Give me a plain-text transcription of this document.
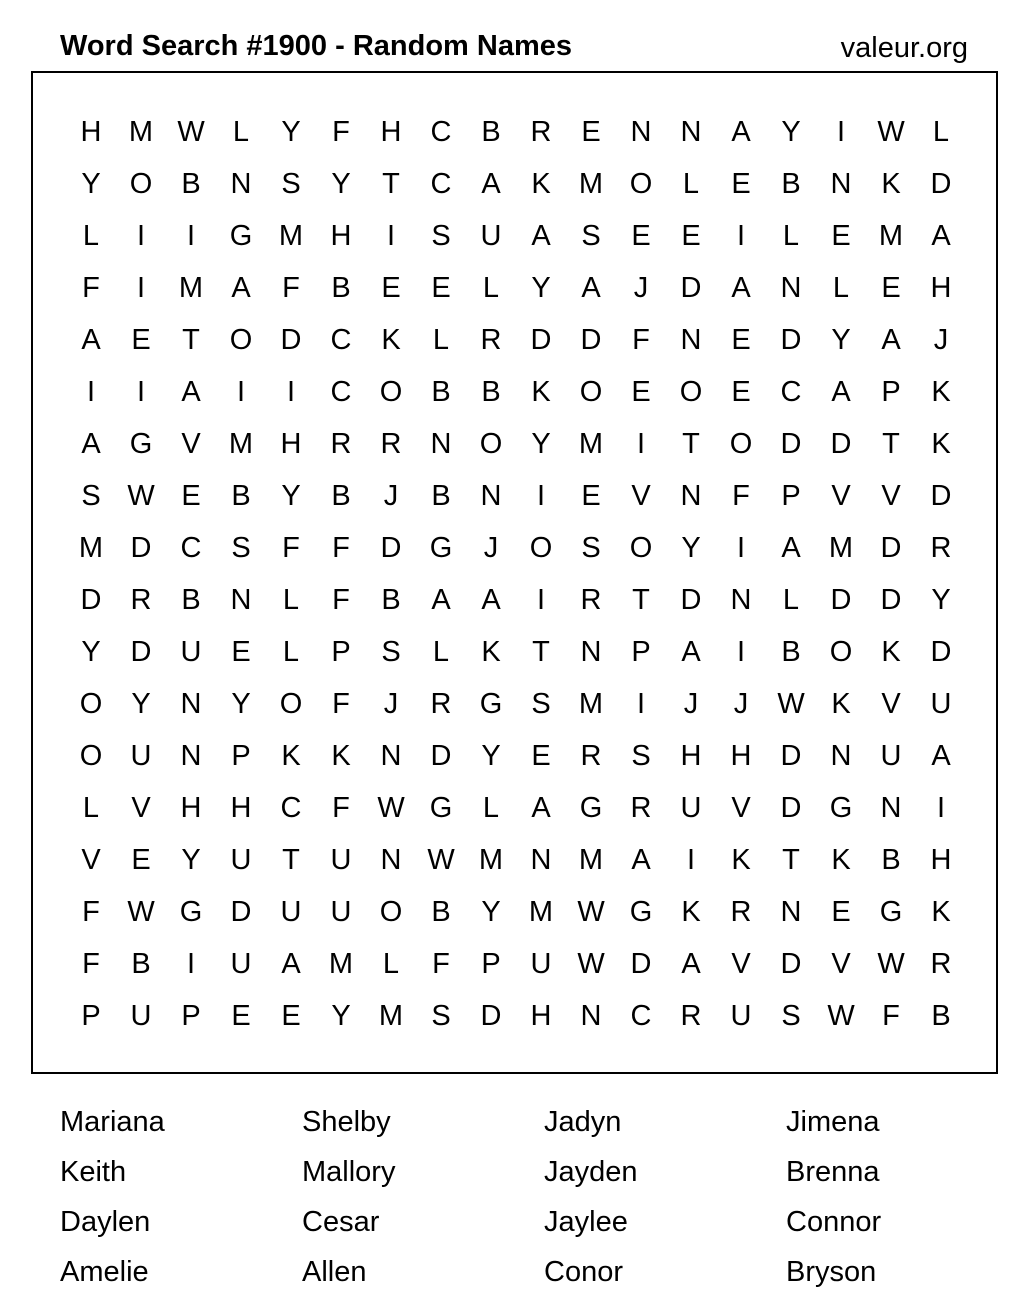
Word Search #1900 - Random Names	valeur.org
H M W L	Y	F	H	C	B	R	E	N	N	A	Y	I	W L
Y	O	B	N	S	Y	T	C	A	K M O	L	E	B	N	K	D
L	I	I	G M H	I	S	U	A	S	E	E	I	L	E M A
F	I	M A	F	B	E	E	L	Y	A	J	D	A	N	L	E	H
A	E	T	O D	C	K	L	R	D	D	F	N	E	D	Y	A	J
I	I	A	I	I	C O	B	B	K	O	E	O	E	C	A	P	K
A	G	V M H	R	R	N O	Y M	I	T	O D	D	T	K
S W E	B	Y	B	J	B	N	I	E	V	N	F	P	V	V	D
M D	C	S	F	F	D G	J	O	S	O	Y	I	A M D	R
D	R	B	N	L	F	B	A	A	I	R	T	D	N	L	D	D	Y
Y	D	U	E	L	P	S	L	K	T	N	P	A	I	B	O	K	D
O	Y	N	Y	O	F	J	R G	S M	I	J	J	W K	V	U
O U	N	P	K	K	N	D	Y	E	R	S	H	H	D	N	U	A
L	V	H	H	C	F W G	L	A	G R	U	V	D G N	I
V	E	Y	U	T	U	N W M N M A	I	K	T	K	B	H
F W G D	U	U O	B	Y M W G	K	R	N	E	G	K
F	B	I	U	A M	L	F	P	U W D	A	V	D	V W R
P	U	P	E	E	Y M S	D	H	N	C	R	U	S W F	B
Mariana	Shelby	Jadyn	Jimena
Keith	Mallory	Jayden	Brenna
Daylen	Cesar	Jaylee	Connor
Amelie	Allen	Conor	Bryson
